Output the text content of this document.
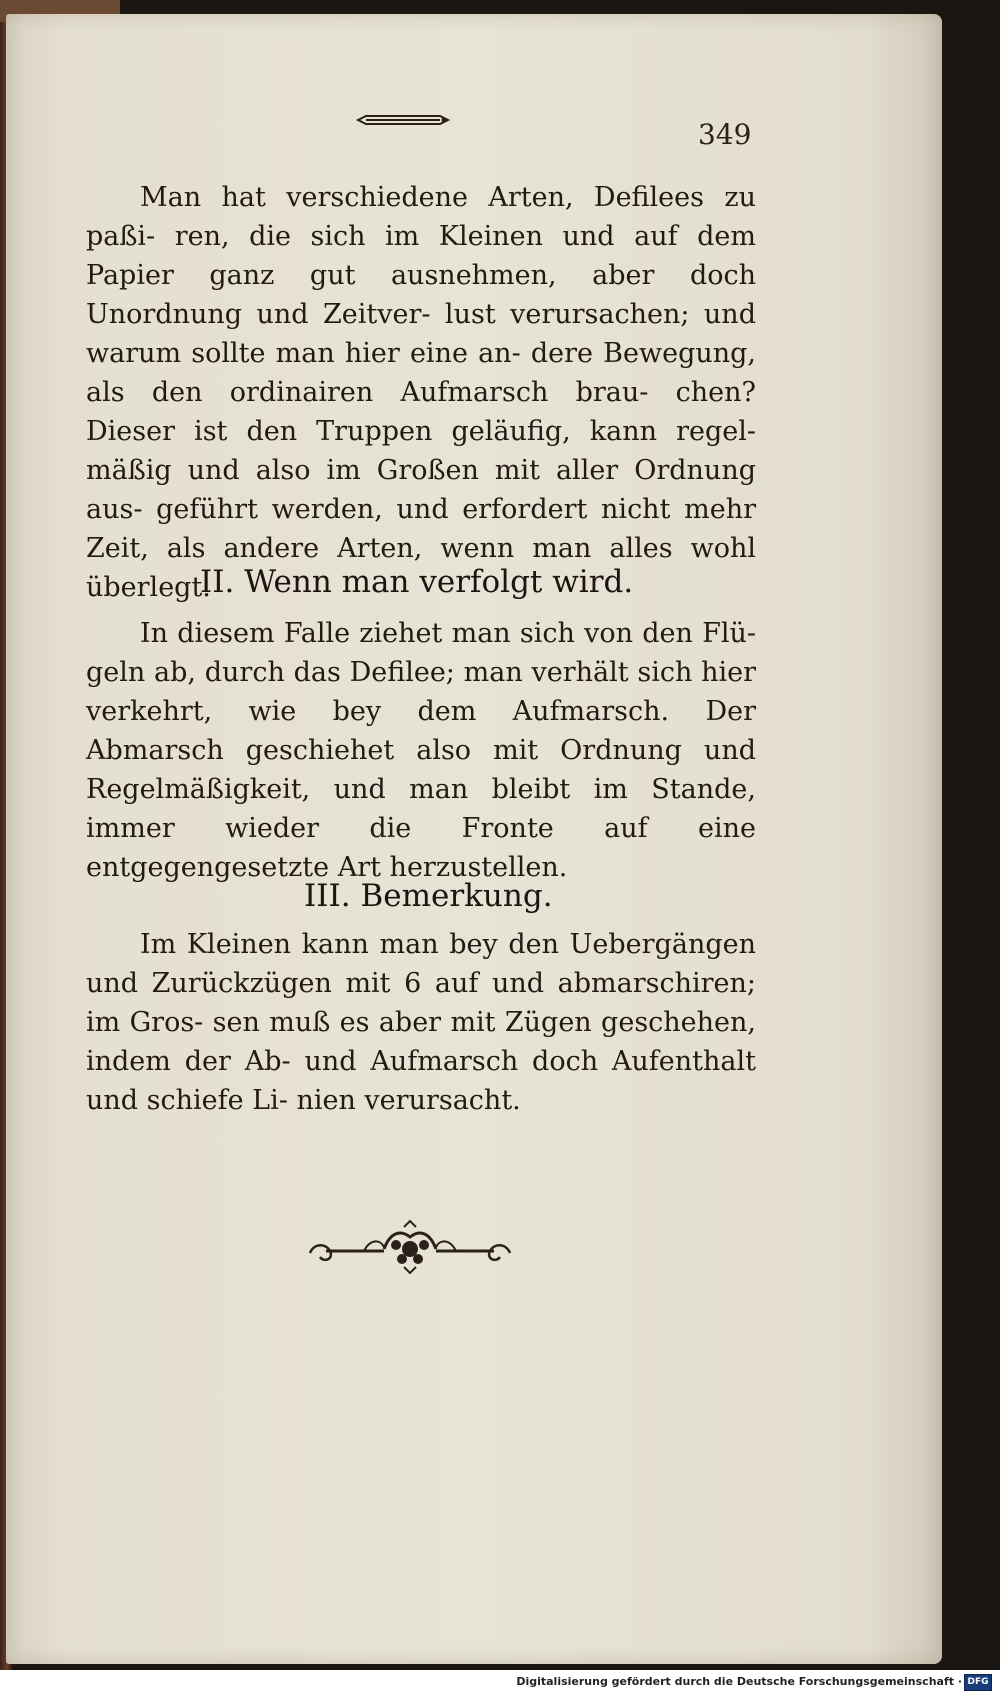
349

Man hat verschiedene Arten, Defilees zu paßi- ren, die sich im Kleinen und auf dem Papier ganz gut ausnehmen, aber doch Unordnung und Zeitver- lust verursachen; und warum sollte man hier eine an- dere Bewegung, als den ordinairen Aufmarsch brau- chen? Dieser ist den Truppen geläufig, kann regel- mäßig und also im Großen mit aller Ordnung aus- geführt werden, und erfordert nicht mehr Zeit, als andere Arten, wenn man alles wohl überlegt.

II. Wenn man verfolgt wird.

In diesem Falle ziehet man sich von den Flü- geln ab, durch das Defilee; man verhält sich hier verkehrt, wie bey dem Aufmarsch. Der Abmarsch geschiehet also mit Ordnung und Regelmäßigkeit, und man bleibt im Stande, immer wieder die Fronte auf eine entgegengesetzte Art herzustellen.

III. Bemerkung.

Im Kleinen kann man bey den Uebergängen und Zurückzügen mit 6 auf und abmarschiren; im Gros- sen muß es aber mit Zügen geschehen, indem der Ab- und Aufmarsch doch Aufenthalt und schiefe Li- nien verursacht.

Digitalisierung gefördert durch die Deutsche Forschungsgemeinschaft · DFG
